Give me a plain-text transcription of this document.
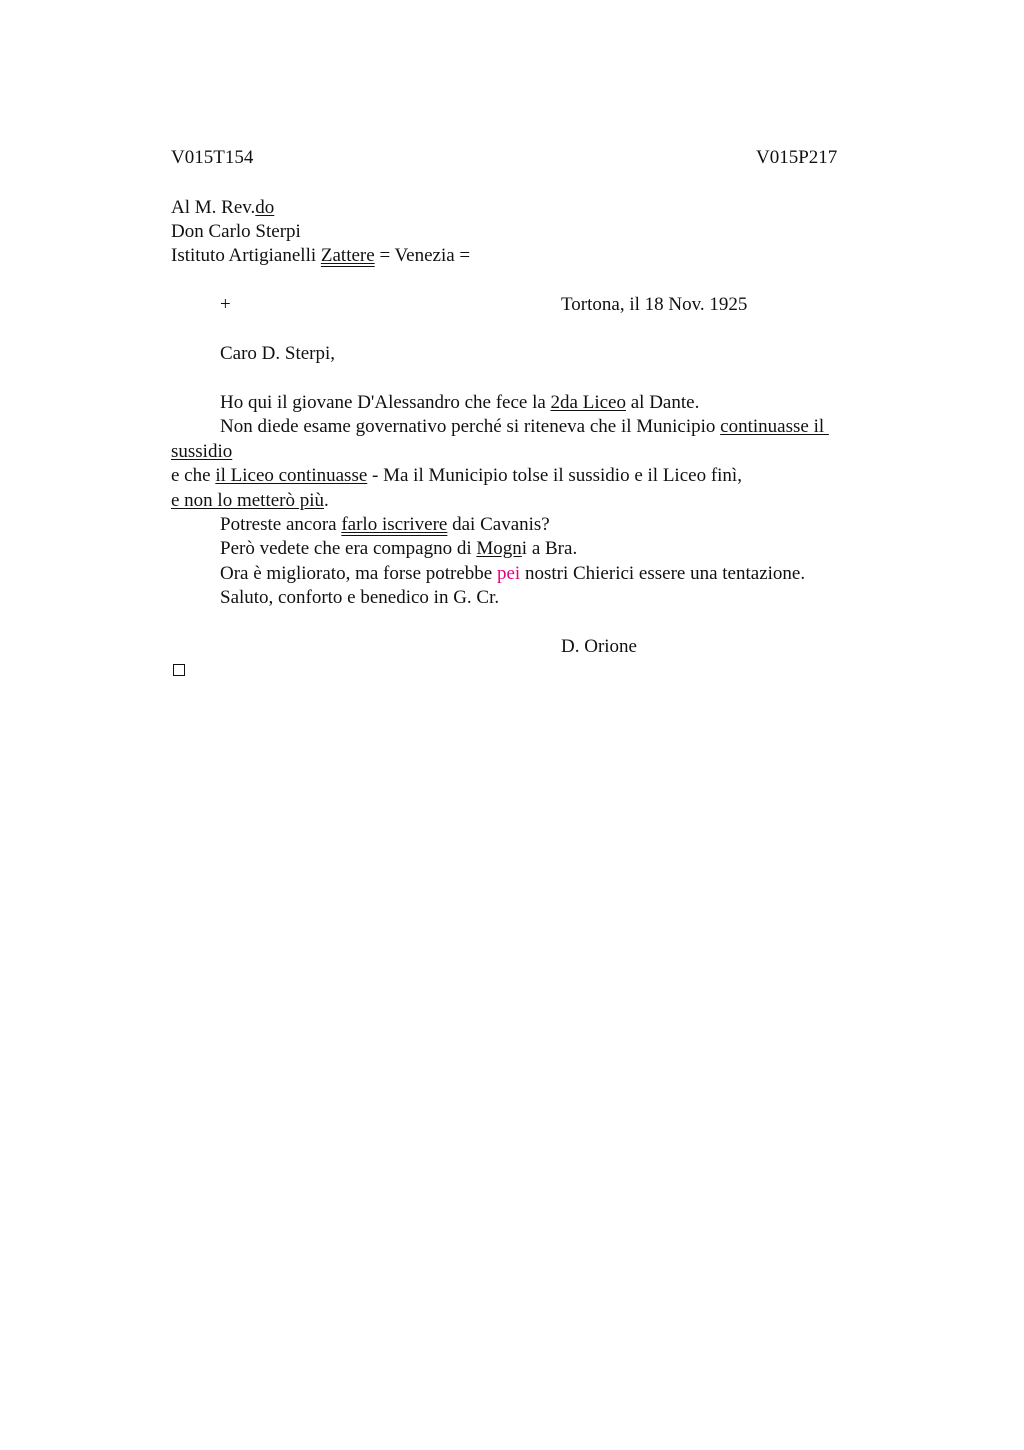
V015T154	V015P217
Al M. Rev.do
Don Carlo Sterpi
Istituto Artigianelli Zattere = Venezia =
+	Tortona, il 18 Nov. 1925
Caro D. Sterpi,
Ho qui il giovane D'Alessandro che fece la 2da Liceo al Dante.
Non diede esame governativo perché si riteneva che il Municipio continuasse il
sussidio
e che il Liceo continuasse - Ma il Municipio tolse il sussidio e il Liceo finì,
e non lo metterò più.
Potreste ancora farlo iscrivere dai Cavanis?
Però vedete che era compagno di Mogni a Bra.
Ora è migliorato, ma forse potrebbe pei nostri Chierici essere una tentazione.
Saluto, conforto e benedico in G. Cr.
D. Orione
